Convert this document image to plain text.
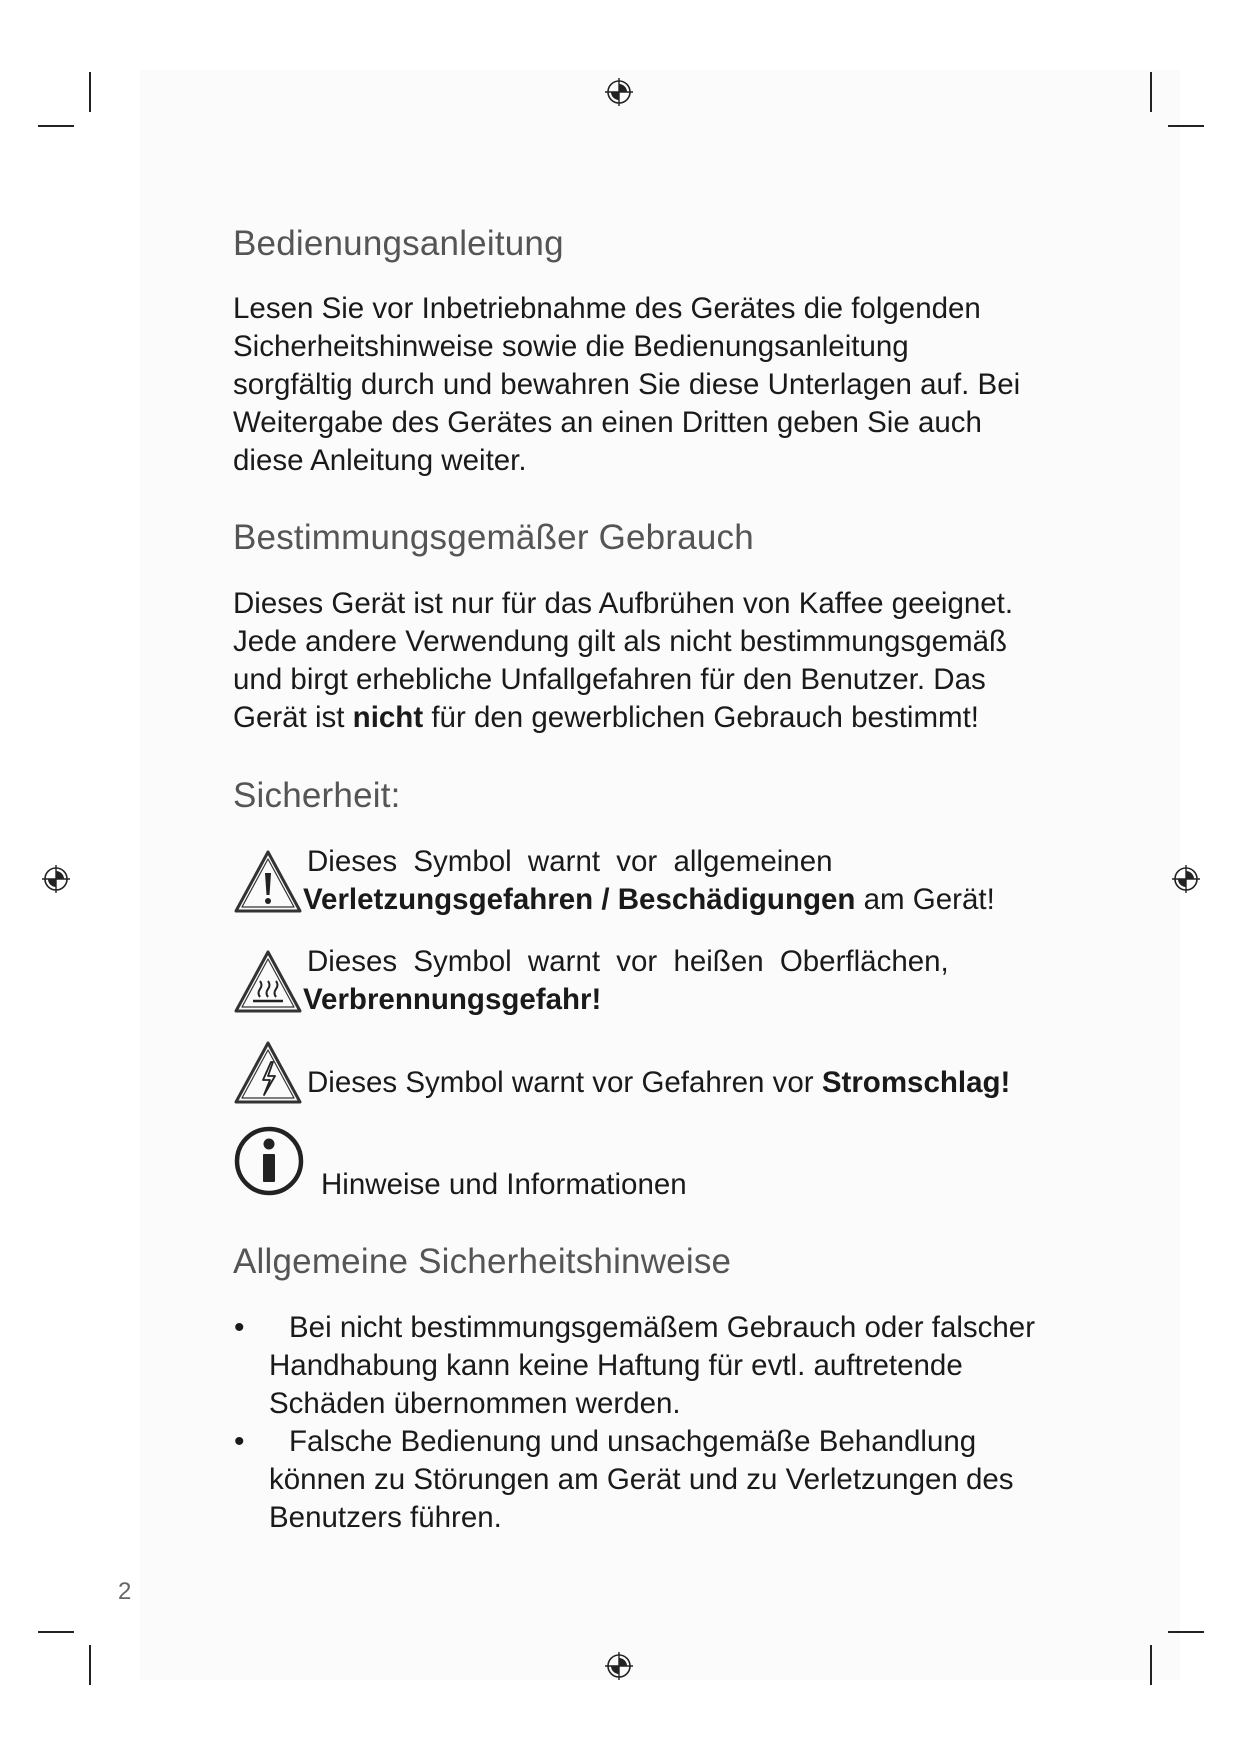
Bedienungsanleitung

Lesen Sie vor Inbetriebnahme des Gerätes die folgenden
Sicherheitshinweise sowie die Bedienungsanleitung
sorgfältig durch und bewahren Sie diese Unterlagen auf. Bei
Weitergabe des Gerätes an einen Dritten geben Sie auch
diese Anleitung weiter.

Bestimmungsgemäßer Gebrauch

Dieses Gerät ist nur für das Aufbrühen von Kaffee geeignet.
Jede andere Verwendung gilt als nicht bestimmungsgemäß
und birgt erhebliche Unfallgefahren für den Benutzer. Das
Gerät ist nicht für den gewerblichen Gebrauch bestimmt!

Sicherheit:
Dieses Symbol warnt vor allgemeinen
Verletzungsgefahren / Beschädigungen am Gerät!
Dieses Symbol warnt vor heißen Oberflächen,
Verbrennungsgefahr!
Dieses Symbol warnt vor Gefahren vor Stromschlag!
Hinweise und Informationen
Allgemeine Sicherheitshinweise
•	Bei nicht bestimmungsgemäßem Gebrauch oder falscher
Handhabung kann keine Haftung für evtl. auftretende
Schäden übernommen werden.

•	Falsche Bedienung und unsachgemäße Behandlung
können zu Störungen am Gerät und zu Verletzungen des
Benutzers führen.

2
